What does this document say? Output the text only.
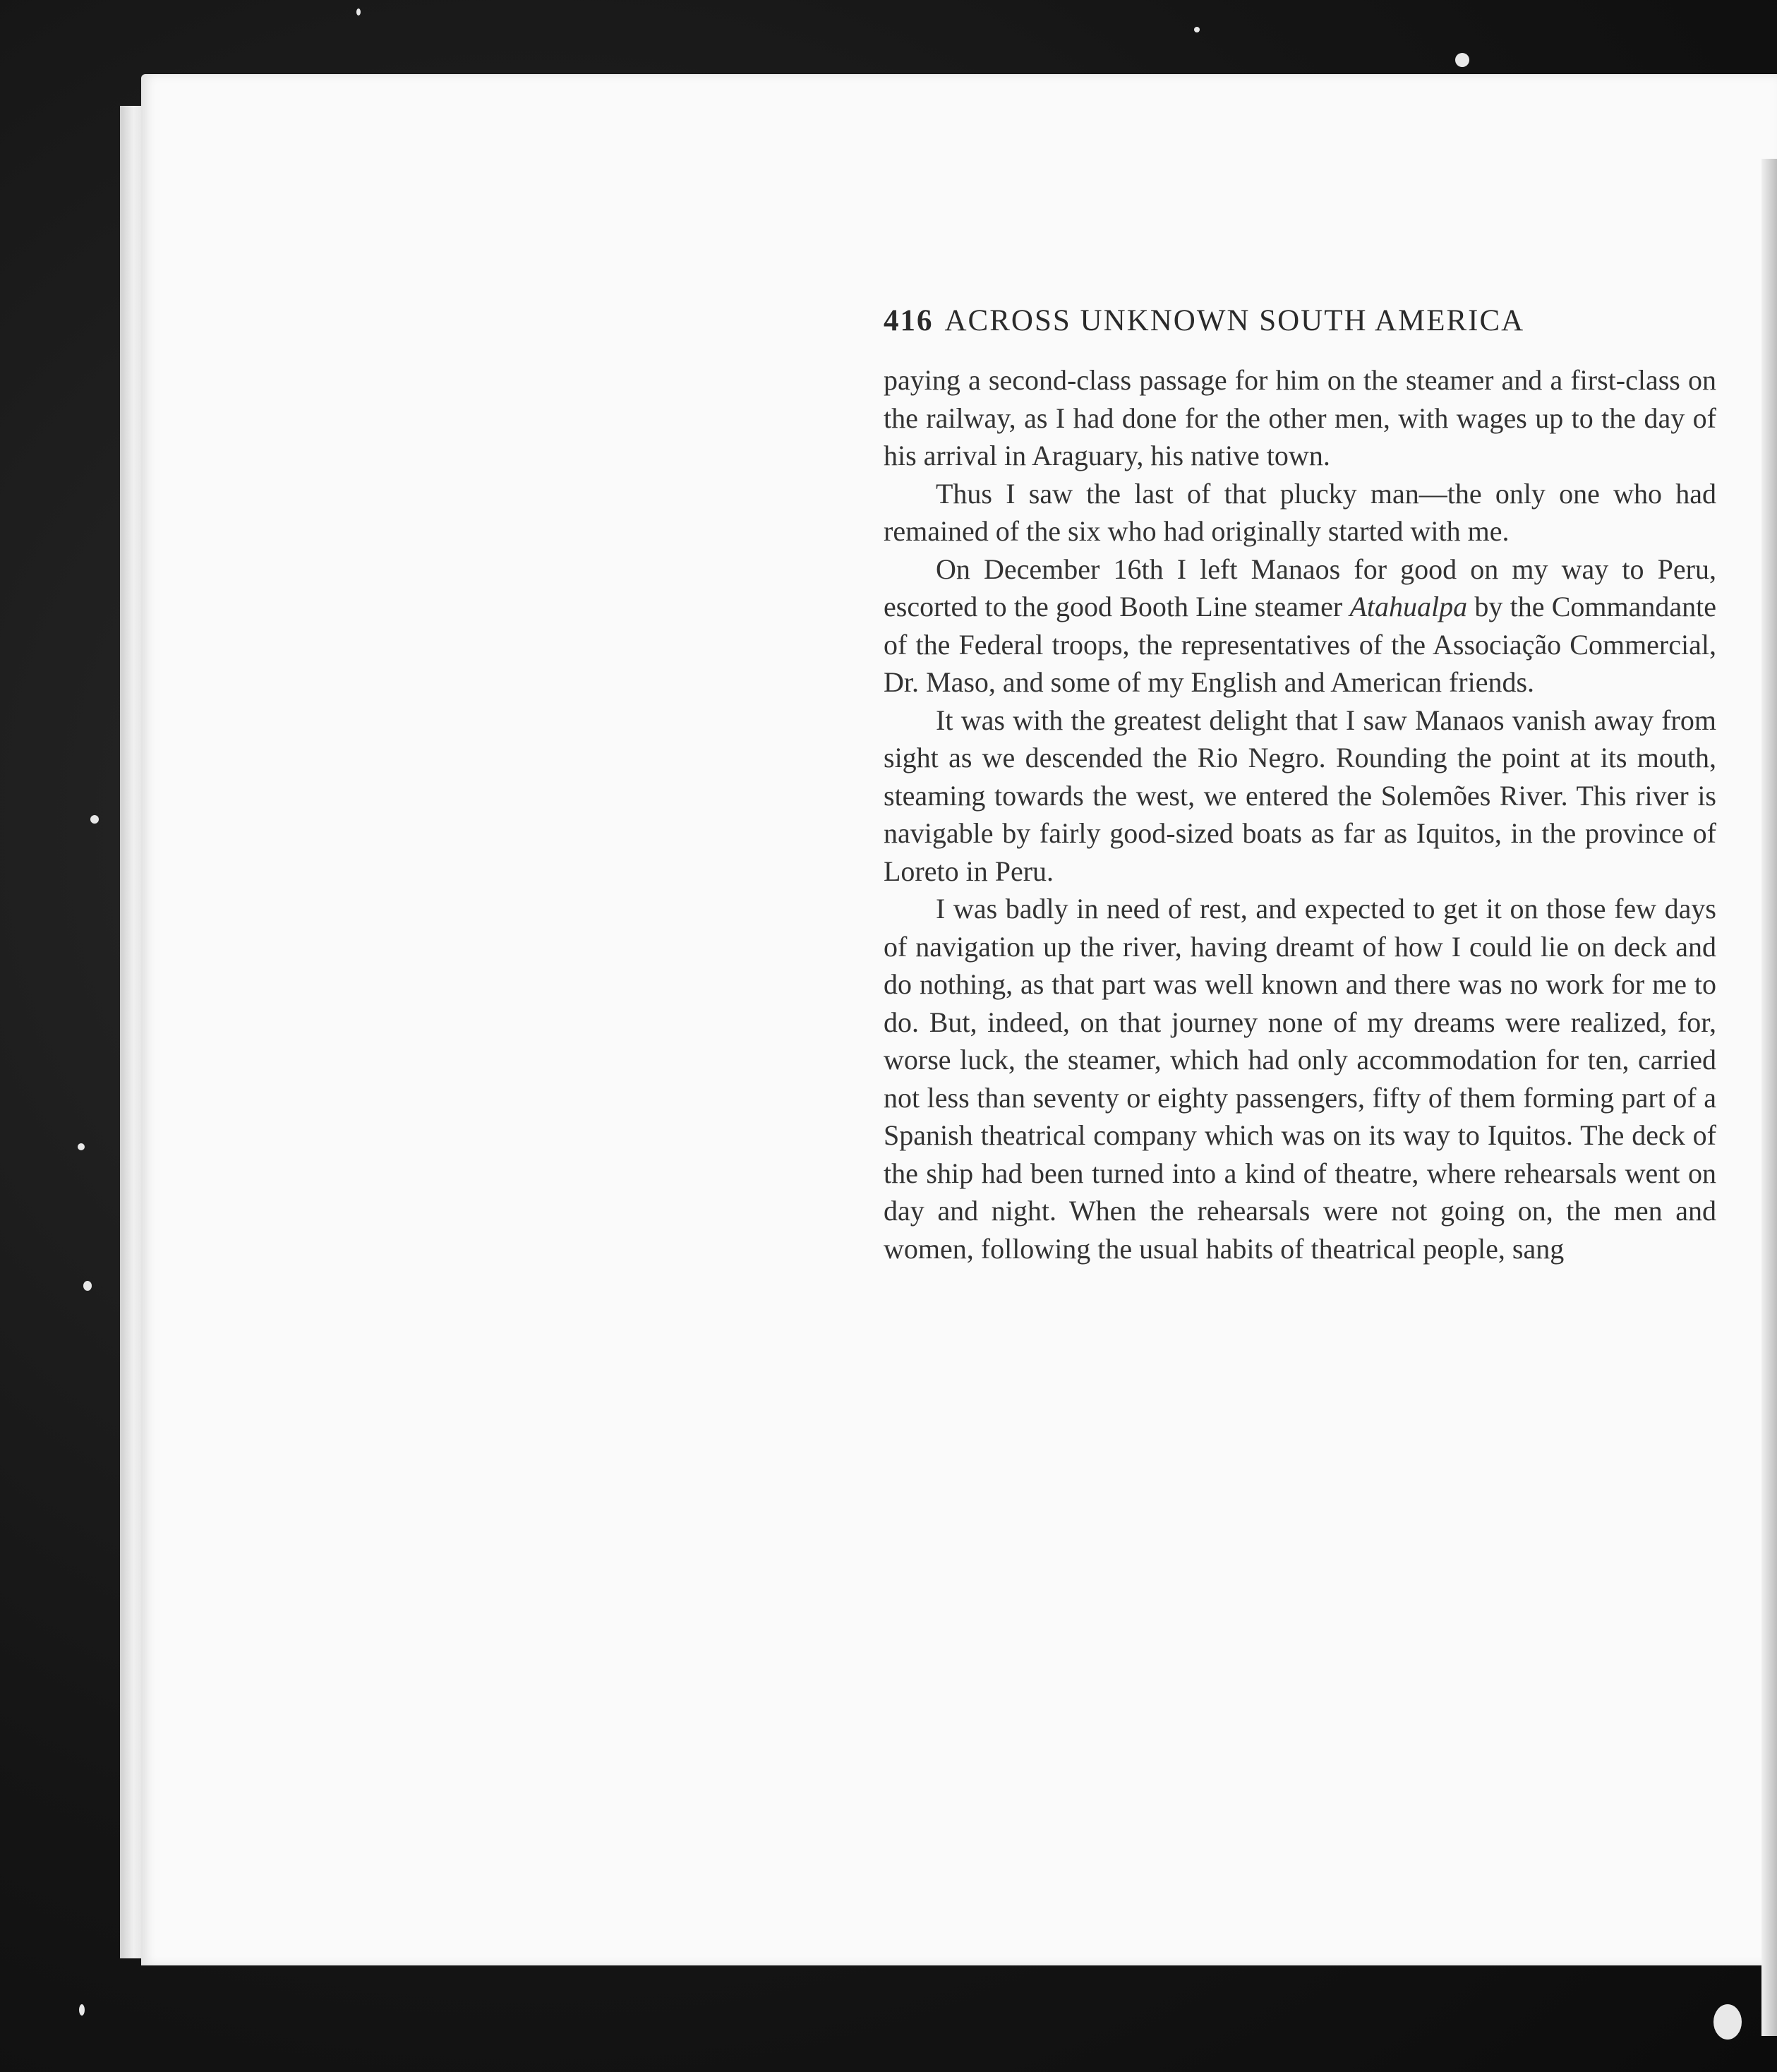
416 ACROSS UNKNOWN SOUTH AMERICA

paying a second-class passage for him on the steamer and a first-class on the railway, as I had done for the other men, with wages up to the day of his arrival in Araguary, his native town.

Thus I saw the last of that plucky man—the only one who had remained of the six who had originally started with me.

On December 16th I left Manaos for good on my way to Peru, escorted to the good Booth Line steamer Atahualpa by the Commandante of the Federal troops, the representatives of the Associação Commercial, Dr. Maso, and some of my English and American friends.

It was with the greatest delight that I saw Manaos vanish away from sight as we descended the Rio Negro. Rounding the point at its mouth, steaming towards the west, we entered the Solemões River. This river is navigable by fairly good-sized boats as far as Iquitos, in the province of Loreto in Peru.

I was badly in need of rest, and expected to get it on those few days of navigation up the river, having dreamt of how I could lie on deck and do nothing, as that part was well known and there was no work for me to do. But, indeed, on that journey none of my dreams were realized, for, worse luck, the steamer, which had only accommodation for ten, carried not less than seventy or eighty passengers, fifty of them forming part of a Spanish theatrical company which was on its way to Iquitos. The deck of the ship had been turned into a kind of theatre, where rehearsals went on day and night. When the rehearsals were not going on, the men and women, following the usual habits of theatrical people, sang
